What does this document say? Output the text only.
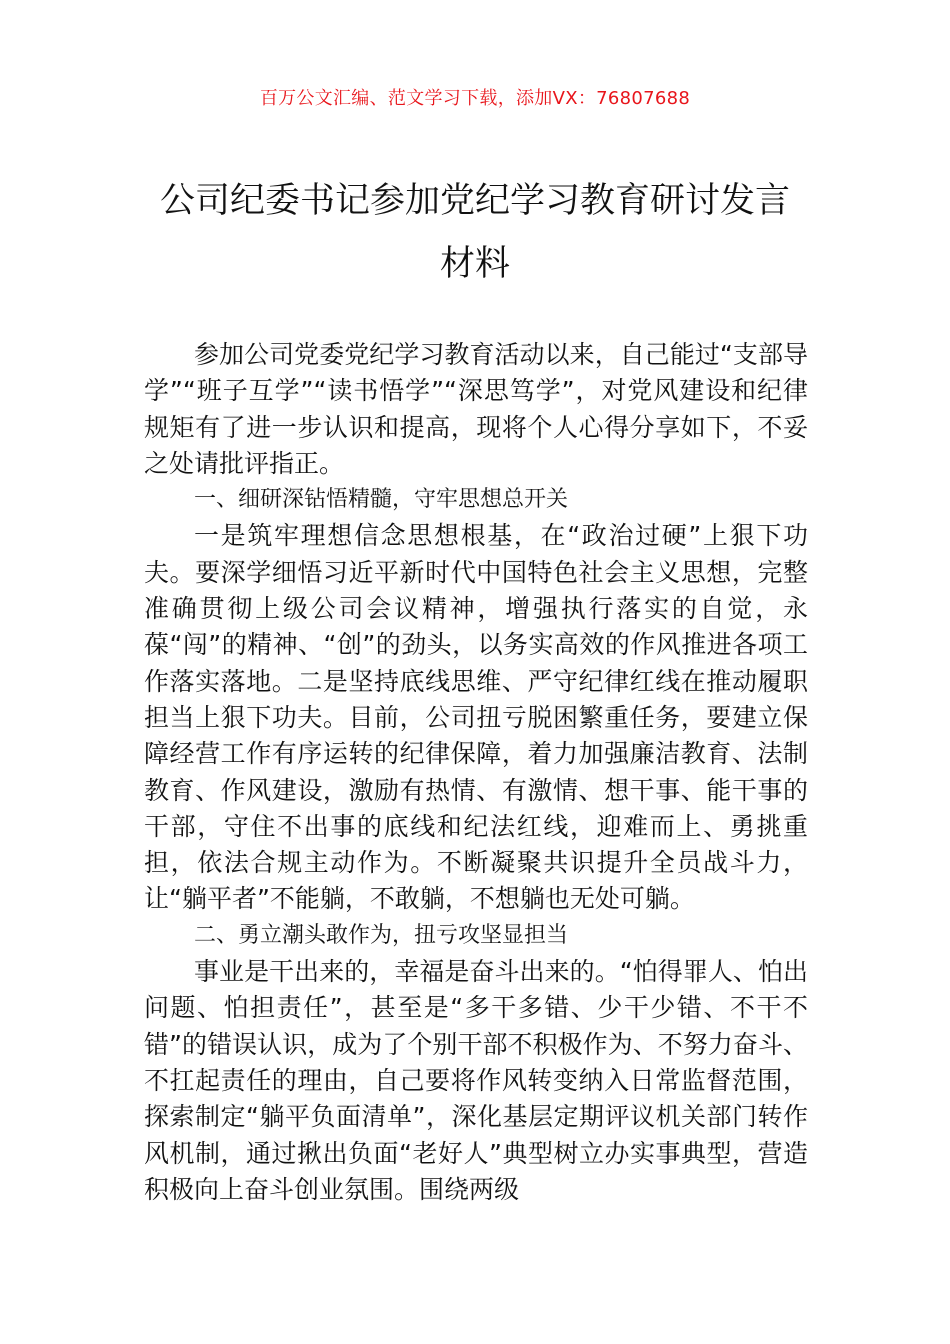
百万公文汇编、范文学习下载，添加VX：76807688
公司纪委书记参加党纪学习教育研讨发言
材料

参加公司党委党纪学习教育活动以来，自己能过“支部导学”“班子互学”“读书悟学”“深思笃学”，对党风建设和纪律规矩有了进一步认识和提高，现将个人心得分享如下，不妥之处请批评指正。

一、细研深钻悟精髓，守牢思想总开关

一是筑牢理想信念思想根基，在“政治过硬”上狠下功夫。要深学细悟习近平新时代中国特色社会主义思想，完整准确贯彻上级公司会议精神，增强执行落实的自觉，永葆“闯”的精神、“创”的劲头，以务实高效的作风推进各项工作落实落地。二是坚持底线思维、严守纪律红线在推动履职担当上狠下功夫。目前，公司扭亏脱困繁重任务，要建立保障经营工作有序运转的纪律保障，着力加强廉洁教育、法制教育、作风建设，激励有热情、有激情、想干事、能干事的干部，守住不出事的底线和纪法红线，迎难而上、勇挑重担，依法合规主动作为。不断凝聚共识提升全员战斗力，让“躺平者”不能躺，不敢躺，不想躺也无处可躺。

二、勇立潮头敢作为，扭亏攻坚显担当

事业是干出来的，幸福是奋斗出来的。“怕得罪人、怕出问题、怕担责任”，甚至是“多干多错、少干少错、不干不错”的错误认识，成为了个别干部不积极作为、不努力奋斗、不扛起责任的理由，自己要将作风转变纳入日常监督范围，探索制定“躺平负面清单”，深化基层定期评议机关部门转作风机制，通过揪出负面“老好人”典型树立办实事典型，营造积极向上奋斗创业氛围。围绕两级
